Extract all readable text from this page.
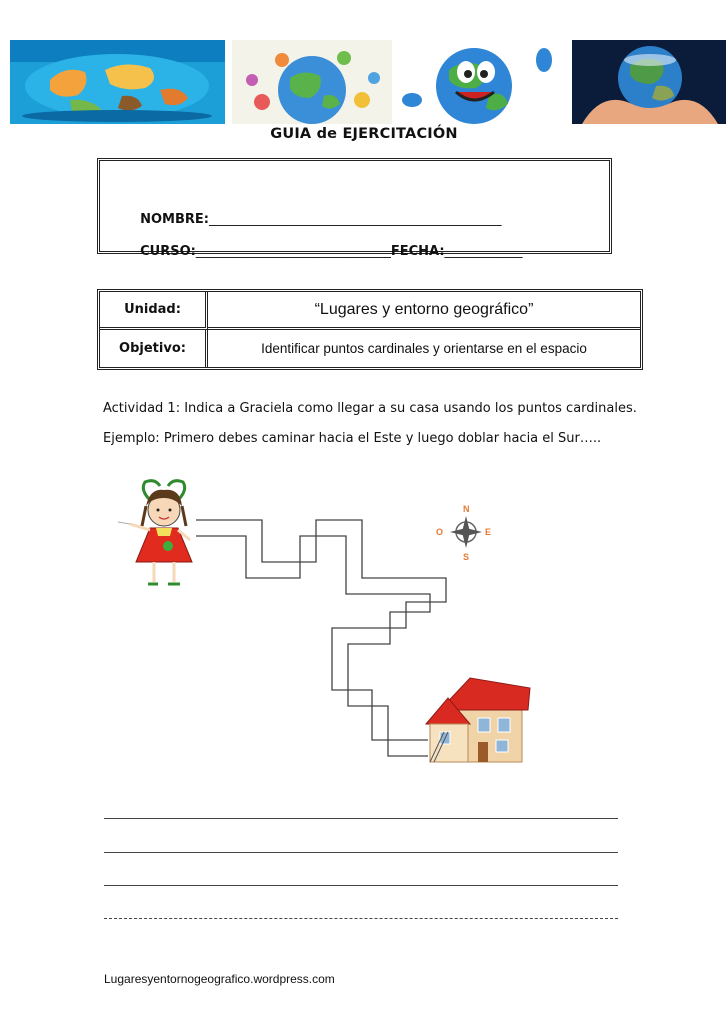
GUIA de EJERCITACIÓN

NOMBRE:_____________________________________________

CURSO:______________________________FECHA:____________

Unidad:	“Lugares y entorno geográfico”
Objetivo:	Identificar puntos cardinales y orientarse en el espacio
Actividad 1: Indica a Graciela como llegar a su casa usando los puntos cardinales.
Ejemplo: Primero debes caminar hacia el Este y luego doblar hacia el Sur…..
N
S
E
O
Lugaresyentornogeografico.wordpress.com
